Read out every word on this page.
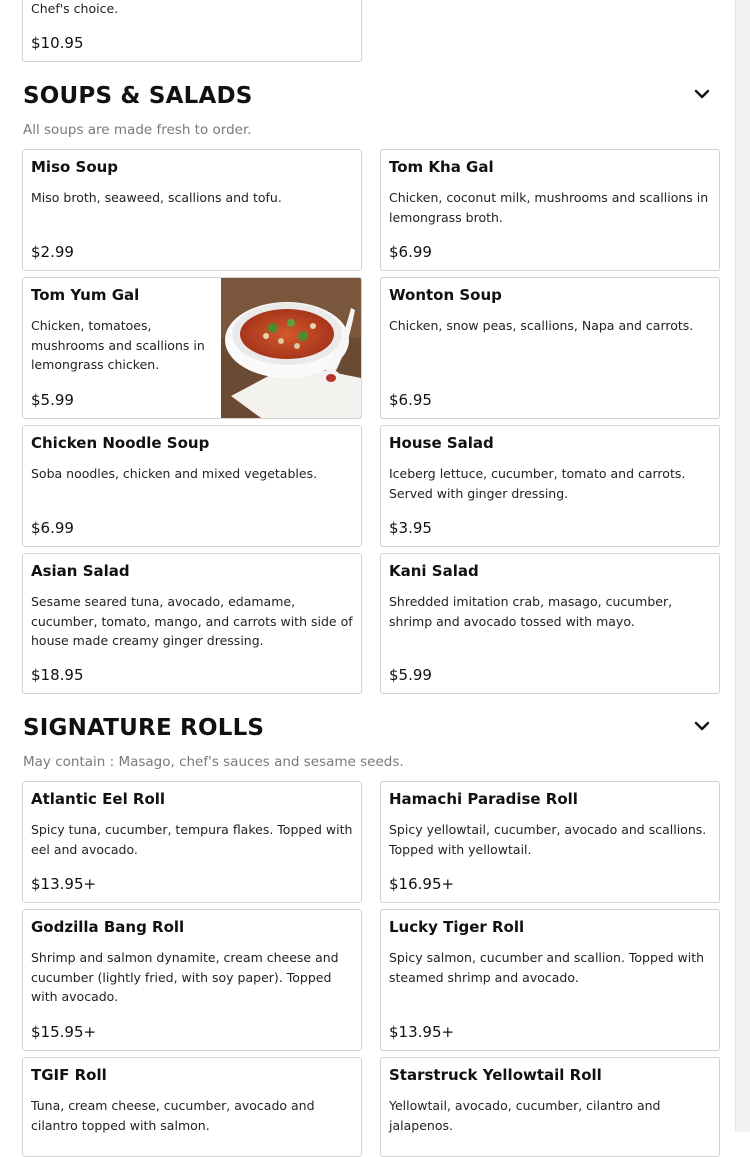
Chef's choice.
$10.95
SOUPS & SALADS
All soups are made fresh to order.
Miso Soup
Miso broth, seaweed, scallions and tofu.
$2.99
Tom Kha Gal
Chicken, coconut milk, mushrooms and scallions in lemongrass broth.
$6.99
Tom Yum Gal
Chicken, tomatoes, mushrooms and scallions in lemongrass chicken.
$5.99
Wonton Soup
Chicken, snow peas, scallions, Napa and carrots.
$6.95
Chicken Noodle Soup
Soba noodles, chicken and mixed vegetables.
$6.99
House Salad
Iceberg lettuce, cucumber, tomato and carrots. Served with ginger dressing.
$3.95
Asian Salad
Sesame seared tuna, avocado, edamame, cucumber, tomato, mango, and carrots with side of house made creamy ginger dressing.
$18.95
Kani Salad
Shredded imitation crab, masago, cucumber, shrimp and avocado tossed with mayo.
$5.99
SIGNATURE ROLLS
May contain : Masago, chef's sauces and sesame seeds.
Atlantic Eel Roll
Spicy tuna, cucumber, tempura flakes. Topped with eel and avocado.
$13.95+
Hamachi Paradise Roll
Spicy yellowtail, cucumber, avocado and scallions. Topped with yellowtail.
$16.95+
Godzilla Bang Roll
Shrimp and salmon dynamite, cream cheese and cucumber (lightly fried, with soy paper). Topped with avocado.
$15.95+
Lucky Tiger Roll
Spicy salmon, cucumber and scallion. Topped with steamed shrimp and avocado.
$13.95+
TGIF Roll
Tuna, cream cheese, cucumber, avocado and cilantro topped with salmon.
Starstruck Yellowtail Roll
Yellowtail, avocado, cucumber, cilantro and jalapenos.
